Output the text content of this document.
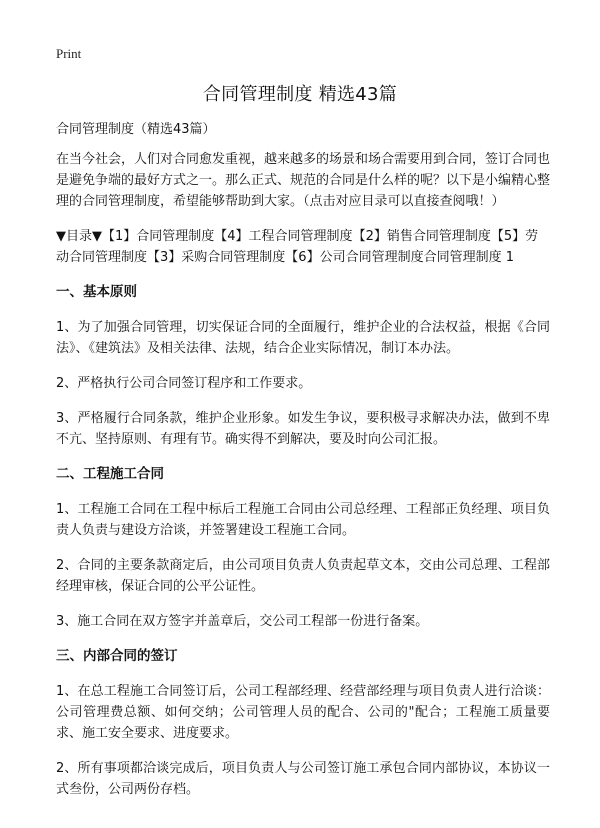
Print
合同管理制度 精选43篇

合同管理制度（精选43篇）

在当今社会，人们对合同愈发重视，越来越多的场景和场合需要用到合同，签订合同也是避免争端的最好方式之一。那么正式、规范的合同是什么样的呢？以下是小编精心整理的合同管理制度，希望能够帮助到大家。（点击对应目录可以直接查阅哦！）

▼目录▼【1】合同管理制度【4】工程合同管理制度【2】销售合同管理制度【5】劳动合同管理制度【3】采购合同管理制度【6】公司合同管理制度合同管理制度 1
一、基本原则

1、为了加强合同管理，切实保证合同的全面履行，维护企业的合法权益，根据《合同法》、《建筑法》及相关法律、法规，结合企业实际情况，制订本办法。

2、严格执行公司合同签订程序和工作要求。

3、严格履行合同条款，维护企业形象。如发生争议，要积极寻求解决办法，做到不卑不亢、坚持原则、有理有节。确实得不到解决，要及时向公司汇报。

二、工程施工合同

1、工程施工合同在工程中标后工程施工合同由公司总经理、工程部正负经理、项目负责人负责与建设方洽谈，并签署建设工程施工合同。

2、合同的主要条款商定后，由公司项目负责人负责起草文本，交由公司总理、工程部经理审核，保证合同的公平公证性。

3、施工合同在双方签字并盖章后，交公司工程部一份进行备案。

三、内部合同的签订

1、在总工程施工合同签订后，公司工程部经理、经营部经理与项目负责人进行洽谈：公司管理费总额、如何交纳；公司管理人员的配合、公司的"配合；工程施工质量要求、施工安全要求、进度要求。

2、所有事项都洽谈完成后，项目负责人与公司签订施工承包合同内部协议，本协议一式叁份，公司两份存档。
